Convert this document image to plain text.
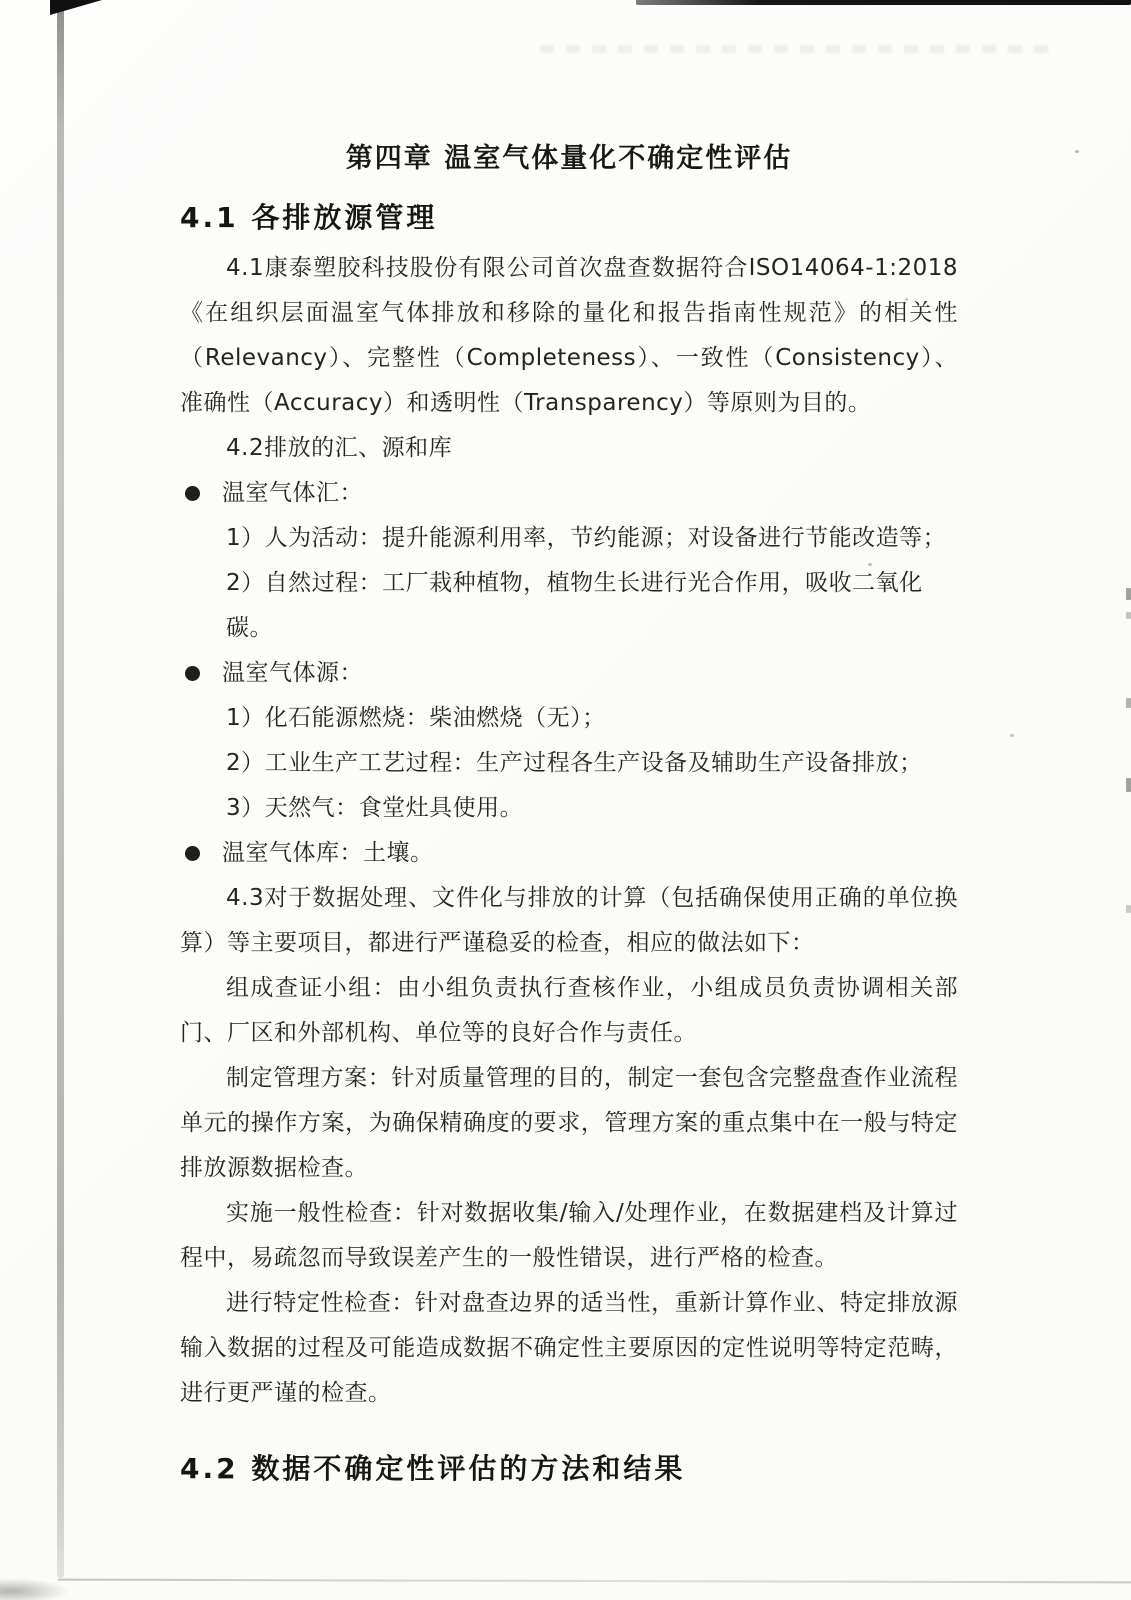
第四章 温室气体量化不确定性评估
4.1 各排放源管理

4.1康泰塑胶科技股份有限公司首次盘查数据符合ISO14064-1:2018《在组织层面温室气体排放和移除的量化和报告指南性规范》的相关性（Relevancy）、完整性（Completeness）、一致性（Consistency）、准确性（Accuracy）和透明性（Transparency）等原则为目的。

4.2排放的汇、源和库

温室气体汇：

1）人为活动：提升能源利用率，节约能源；对设备进行节能改造等；

2）自然过程：工厂栽种植物，植物生长进行光合作用，吸收二氧化碳。

温室气体源：

1）化石能源燃烧：柴油燃烧（无）；

2）工业生产工艺过程：生产过程各生产设备及辅助生产设备排放；

3）天然气：食堂灶具使用。

温室气体库：土壤。

4.3对于数据处理、文件化与排放的计算（包括确保使用正确的单位换算）等主要项目，都进行严谨稳妥的检查，相应的做法如下：

组成查证小组：由小组负责执行查核作业，小组成员负责协调相关部门、厂区和外部机构、单位等的良好合作与责任。

制定管理方案：针对质量管理的目的，制定一套包含完整盘查作业流程单元的操作方案，为确保精确度的要求，管理方案的重点集中在一般与特定排放源数据检查。

实施一般性检查：针对数据收集/输入/处理作业，在数据建档及计算过程中，易疏忽而导致误差产生的一般性错误，进行严格的检查。

进行特定性检查：针对盘查边界的适当性，重新计算作业、特定排放源输入数据的过程及可能造成数据不确定性主要原因的定性说明等特定范畴，进行更严谨的检查。

4.2 数据不确定性评估的方法和结果
